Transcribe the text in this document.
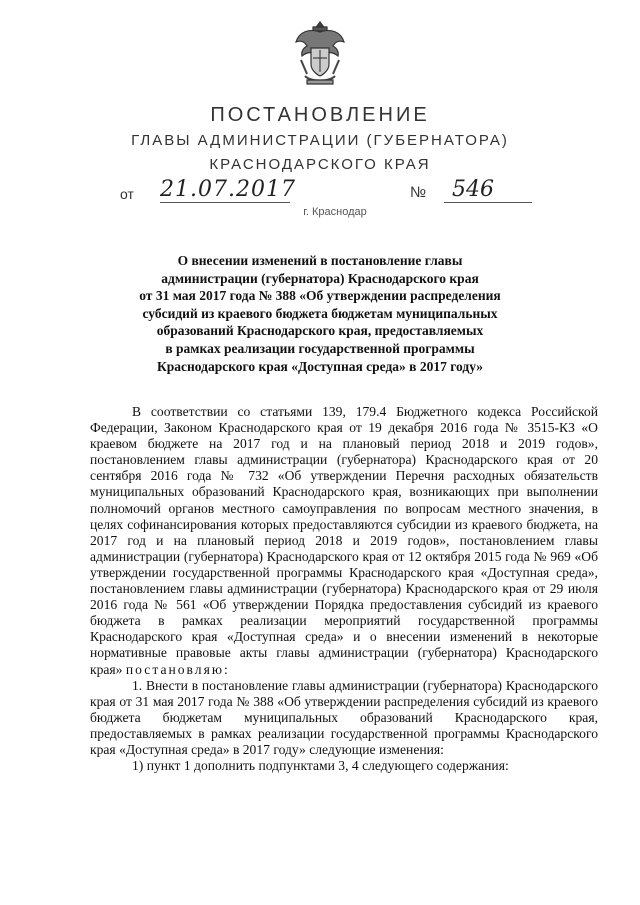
ПОСТАНОВЛЕНИЕ
ГЛАВЫ АДМИНИСТРАЦИИ (ГУБЕРНАТОРА)
КРАСНОДАРСКОГО КРАЯ
от 21.07.2017	№	546
г. Краснодар
О внесении изменений в постановление главы
администрации (губернатора) Краснодарского края
от 31 мая 2017 года № 388 «Об утверждении распределения
субсидий из краевого бюджета бюджетам муниципальных
образований Краснодарского края, предоставляемых
в рамках реализации государственной программы
Краснодарского края «Доступная среда» в 2017 году»

В соответствии со статьями 139, 179.4 Бюджетного кодекса Российской Федерации, Законом Краснодарского края от 19 декабря 2016 года № 3515-КЗ «О краевом бюджете на 2017 год и на плановый период 2018 и 2019 годов», постановлением главы администрации (губернатора) Краснодарского края от 20 сентября 2016 года № 732 «Об утверждении Перечня расходных обязательств муниципальных образований Краснодарского края, возникающих при выполнении полномочий органов местного самоуправления по вопросам местного значения, в целях софинансирования которых предоставляются субсидии из краевого бюджета, на 2017 год и на плановый период 2018 и 2019 годов», постановлением главы администрации (губернатора) Краснодарского края от 12 октября 2015 года № 969 «Об утверждении государственной программы Краснодарского края «Доступная среда», постановлением главы администрации (губернатора) Краснодарского края от 29 июля 2016 года № 561 «Об утверждении Порядка предоставления субсидий из краевого бюджета в рамках реализации мероприятий государственной программы Краснодарского края «Доступная среда» и о внесении изменений в некоторые нормативные правовые акты главы администрации (губернатора) Краснодарского края» постановляю:

1. Внести в постановление главы администрации (губернатора) Краснодарского края от 31 мая 2017 года № 388 «Об утверждении распределения субсидий из краевого бюджета бюджетам муниципальных образований Краснодарского края, предоставляемых в рамках реализации государственной программы Краснодарского края «Доступная среда» в 2017 году» следующие изменения:

1) пункт 1 дополнить подпунктами 3, 4 следующего содержания:
